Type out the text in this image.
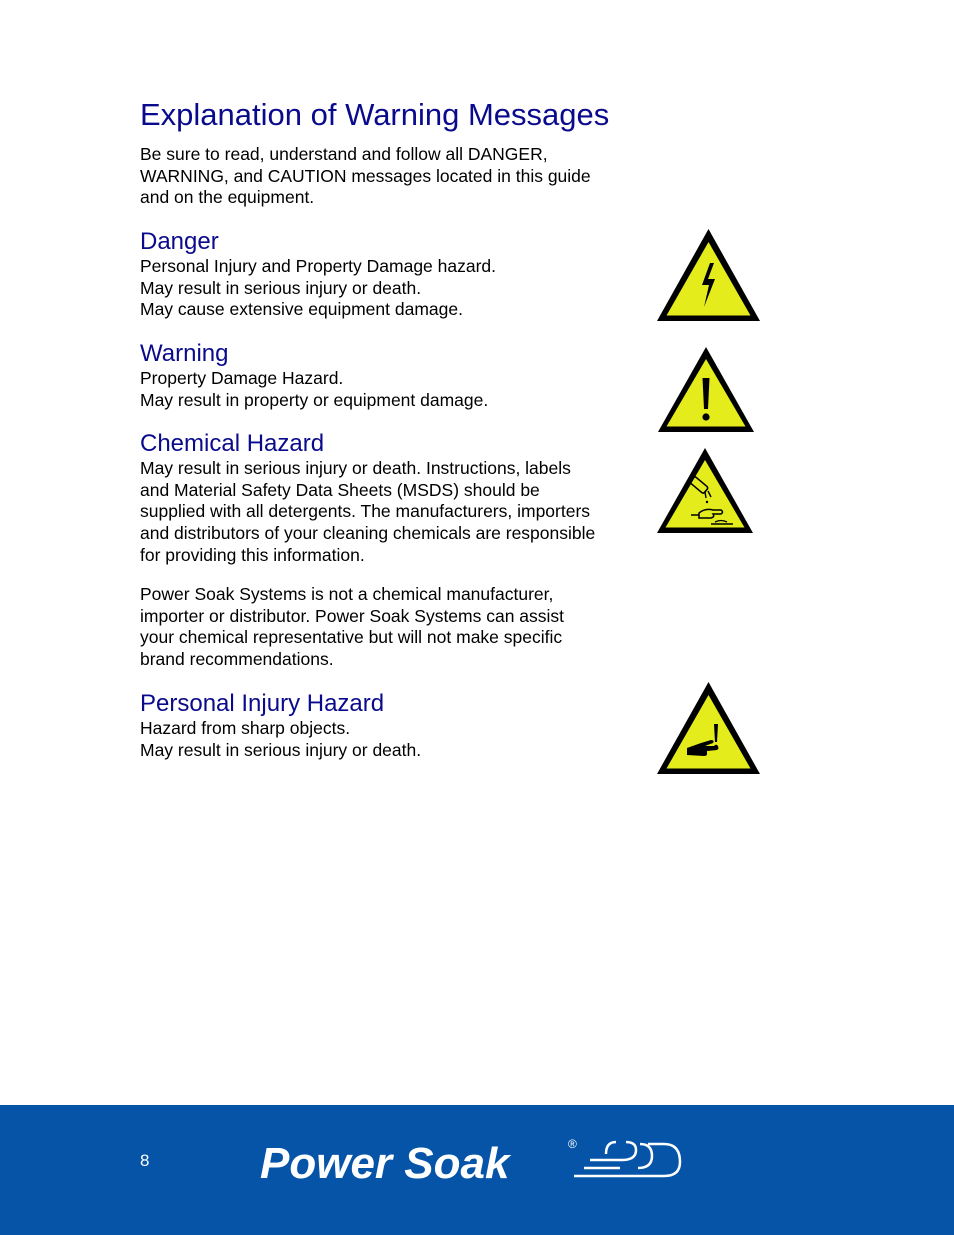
Explanation of Warning Messages

Be sure to read, understand and follow all DANGER,

WARNING, and CAUTION messages located in this guide

and on the equipment.

Danger
Personal Injury and Property Damage hazard.
May result in serious injury or death.
May cause extensive equipment damage.
Warning
Property Damage Hazard.
May result in property or equipment damage.
Chemical Hazard
May result in serious injury or death. Instructions, labels
and Material Safety Data Sheets (MSDS) should be
supplied with all detergents. The manufacturers, importers
and distributors of your cleaning chemicals are responsible
for providing this information.
Power Soak Systems is not a chemical manufacturer,
importer or distributor. Power Soak Systems can assist
your chemical representative but will not make specific
brand recommendations.
Personal Injury Hazard
Hazard from sharp objects.
May result in serious injury or death.
8	Power Soak	®
